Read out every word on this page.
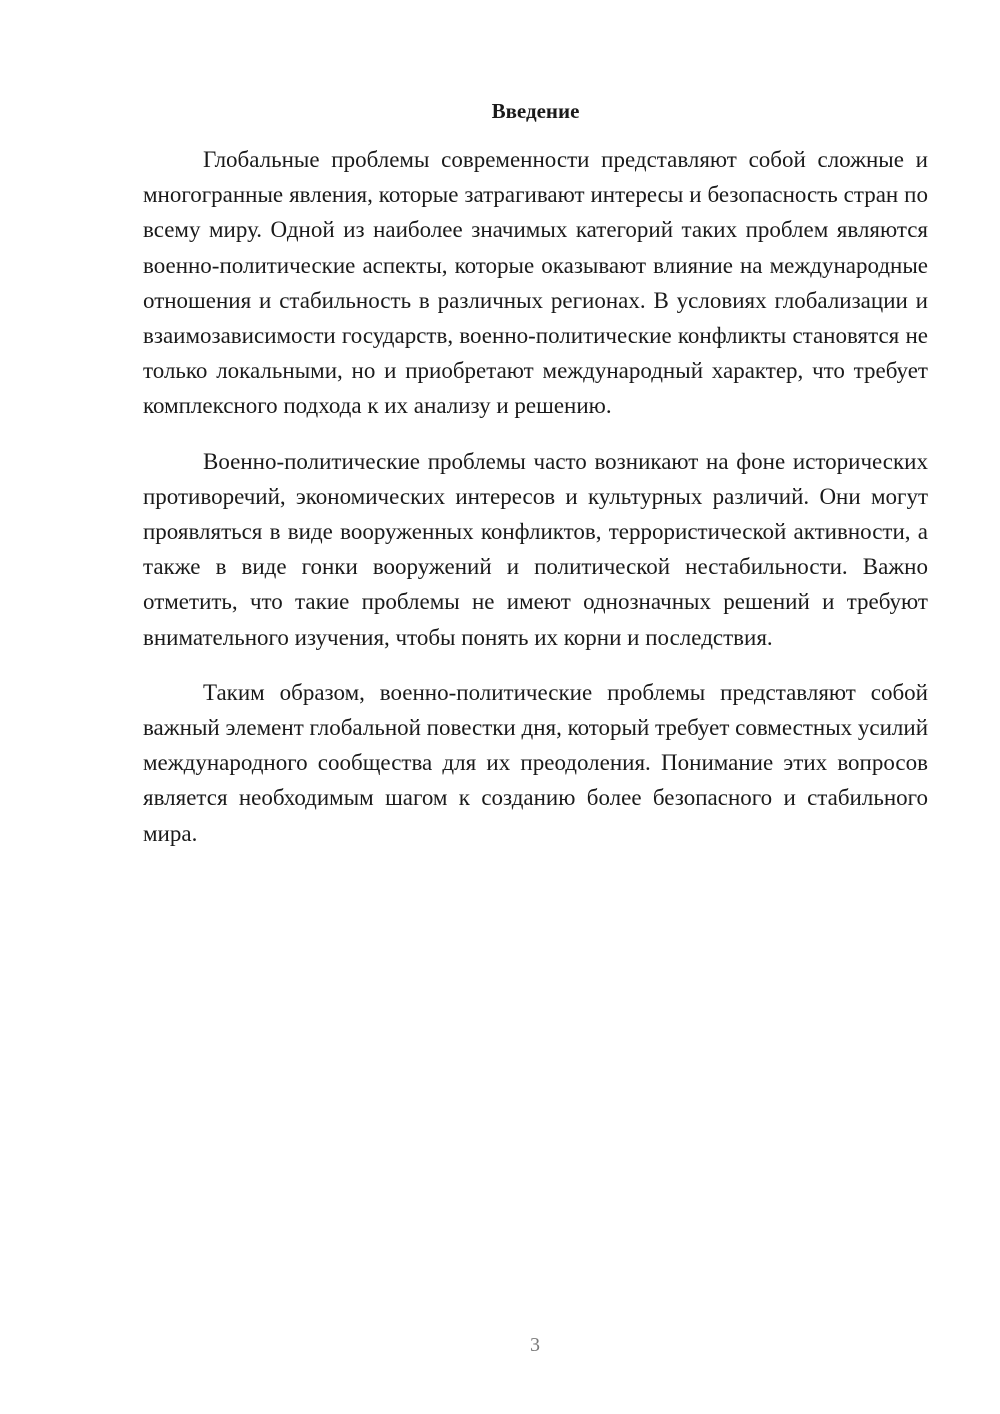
Введение

Глобальные проблемы современности представляют собой сложные и многогранные явления, которые затрагивают интересы и безопасность стран по всему миру. Одной из наиболее значимых категорий таких проблем являются военно-политические аспекты, которые оказывают влияние на международные отношения и стабильность в различных регионах. В условиях глобализации и взаимозависимости государств, военно-политические конфликты становятся не только локальными, но и приобретают международный характер, что требует комплексного подхода к их анализу и решению.

Военно-политические проблемы часто возникают на фоне исторических противоречий, экономических интересов и культурных различий. Они могут проявляться в виде вооруженных конфликтов, террористической активности, а также в виде гонки вооружений и политической нестабильности. Важно отметить, что такие проблемы не имеют однозначных решений и требуют внимательного изучения, чтобы понять их корни и последствия.

Таким образом, военно-политические проблемы представляют собой важный элемент глобальной повестки дня, который требует совместных усилий международного сообщества для их преодоления. Понимание этих вопросов является необходимым шагом к созданию более безопасного и стабильного мира.

3
